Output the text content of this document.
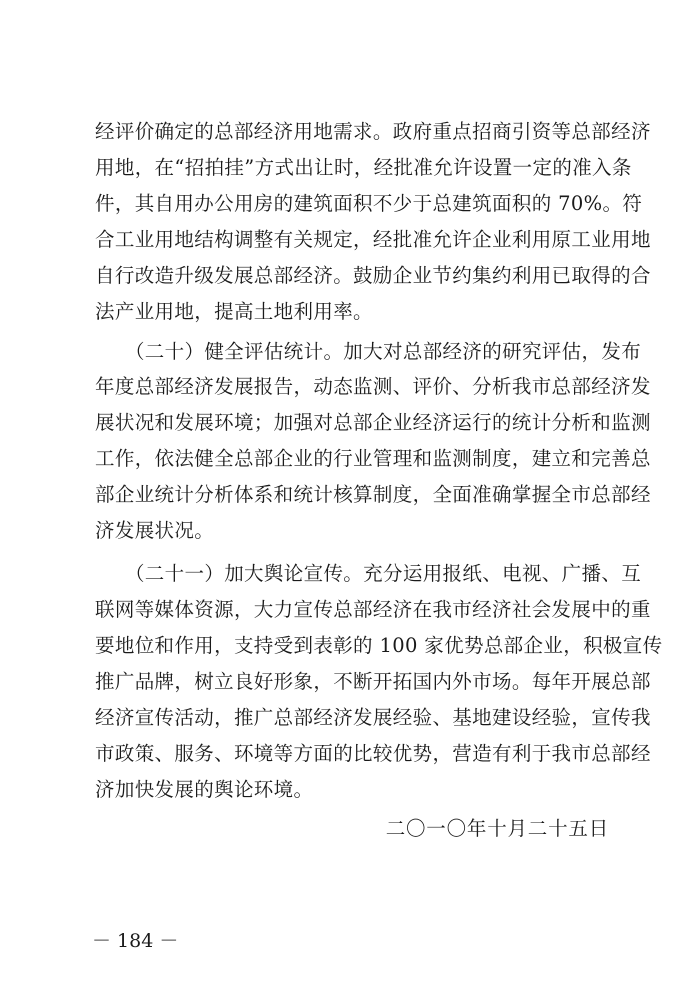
经评价确定的总部经济用地需求。政府重点招商引资等总部经济
用地，在“招拍挂”方式出让时，经批准允许设置一定的准入条
件，其自用办公用房的建筑面积不少于总建筑面积的 70%。符
合工业用地结构调整有关规定，经批准允许企业利用原工业用地
自行改造升级发展总部经济。鼓励企业节约集约利用已取得的合
法产业用地，提高土地利用率。
　　（二十）健全评估统计。加大对总部经济的研究评估，发布
年度总部经济发展报告，动态监测、评价、分析我市总部经济发
展状况和发展环境；加强对总部企业经济运行的统计分析和监测
工作，依法健全总部企业的行业管理和监测制度，建立和完善总
部企业统计分析体系和统计核算制度，全面准确掌握全市总部经
济发展状况。
　　（二十一）加大舆论宣传。充分运用报纸、电视、广播、互
联网等媒体资源，大力宣传总部经济在我市经济社会发展中的重
要地位和作用，支持受到表彰的 100 家优势总部企业，积极宣传
推广品牌，树立良好形象，不断开拓国内外市场。每年开展总部
经济宣传活动，推广总部经济发展经验、基地建设经验，宣传我
市政策、服务、环境等方面的比较优势，营造有利于我市总部经
济加快发展的舆论环境。
二〇一〇年十月二十五日
－ 184 －
